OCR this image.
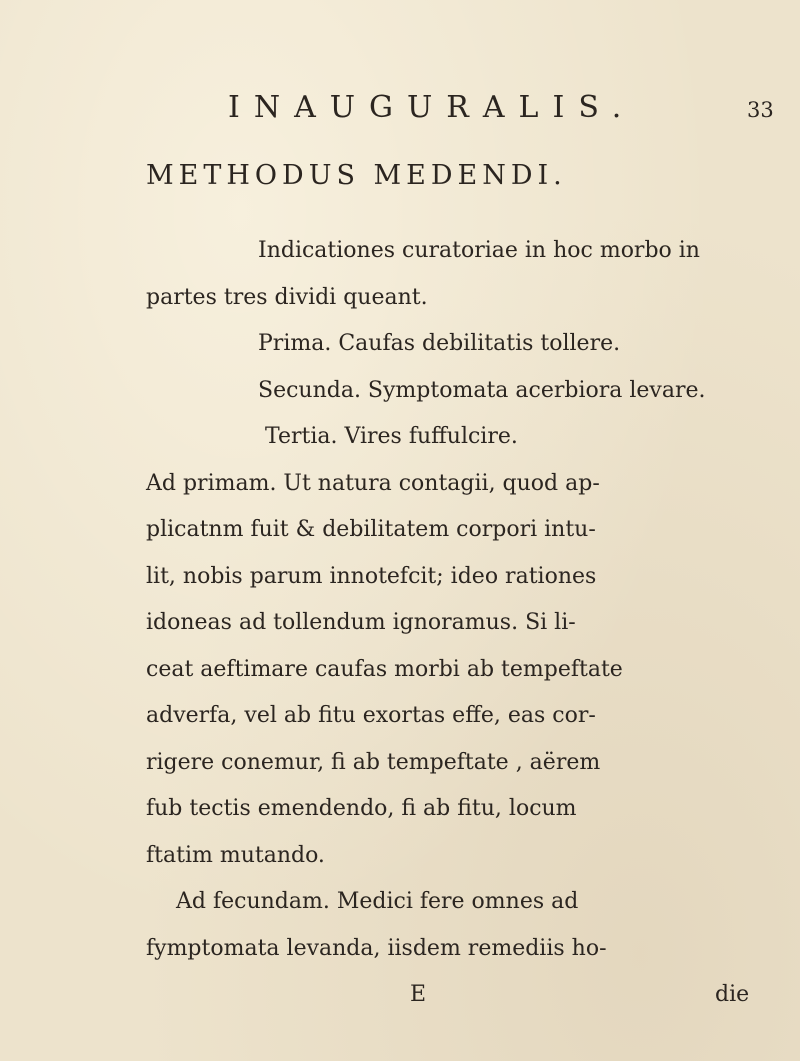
INAUGURALIS.	33
METHODUS MEDENDI.
Indicationes curatoriae in hoc morbo in
partes tres dividi queant.
Prima. Caufas debilitatis tollere.
Secunda. Symptomata acerbiora levare.
Tertia. Vires fuffulcire.
Ad primam. Ut natura contagii, quod ap-
plicatnm fuit & debilitatem corpori intu-
lit, nobis parum innotefcit; ideo rationes
idoneas ad tollendum ignoramus. Si li-
ceat aeftimare caufas morbi ab tempeftate
adverfa, vel ab fitu exortas effe, eas cor-
rigere conemur, fi ab tempeftate , aërem
fub tectis emendendo, fi ab fitu, locum
ftatim mutando.
Ad fecundam. Medici fere omnes ad
fymptomata levanda, iisdem remediis ho-
E	die
